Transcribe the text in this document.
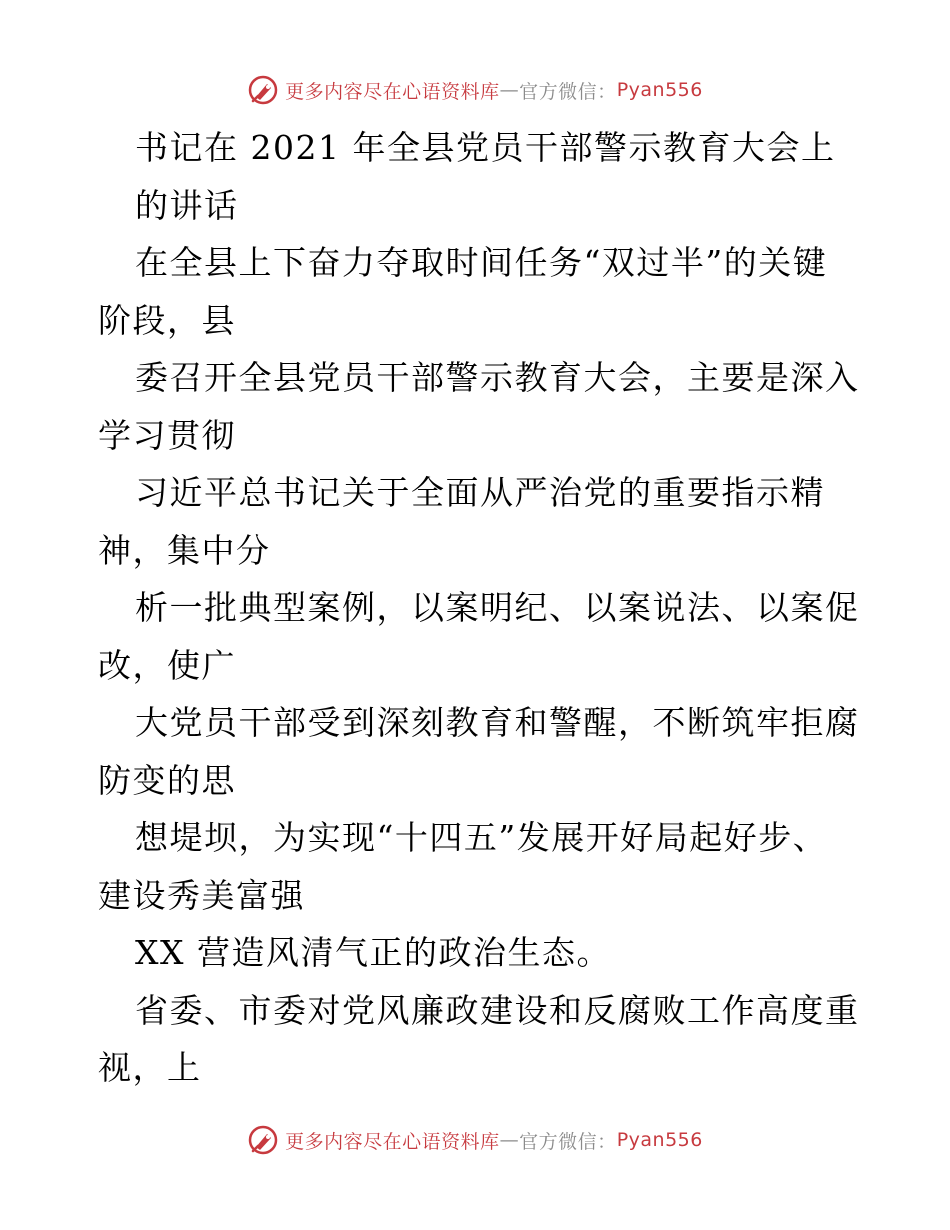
更多内容尽在心语资料库 — 官方微信： Pyan556
书记在 2021 年全县党员干部警示教育大会上
的讲话
在全县上下奋力夺取时间任务“双过半”的关键
阶段，县
委召开全县党员干部警示教育大会，主要是深入
学习贯彻
习近平总书记关于全面从严治党的重要指示精
神，集中分
析一批典型案例，以案明纪、以案说法、以案促
改，使广
大党员干部受到深刻教育和警醒，不断筑牢拒腐
防变的思
想堤坝，为实现“十四五”发展开好局起好步、
建设秀美富强
XX 营造风清气正的政治生态。
省委、市委对党风廉政建设和反腐败工作高度重
视，上
更多内容尽在心语资料库 — 官方微信： Pyan556
